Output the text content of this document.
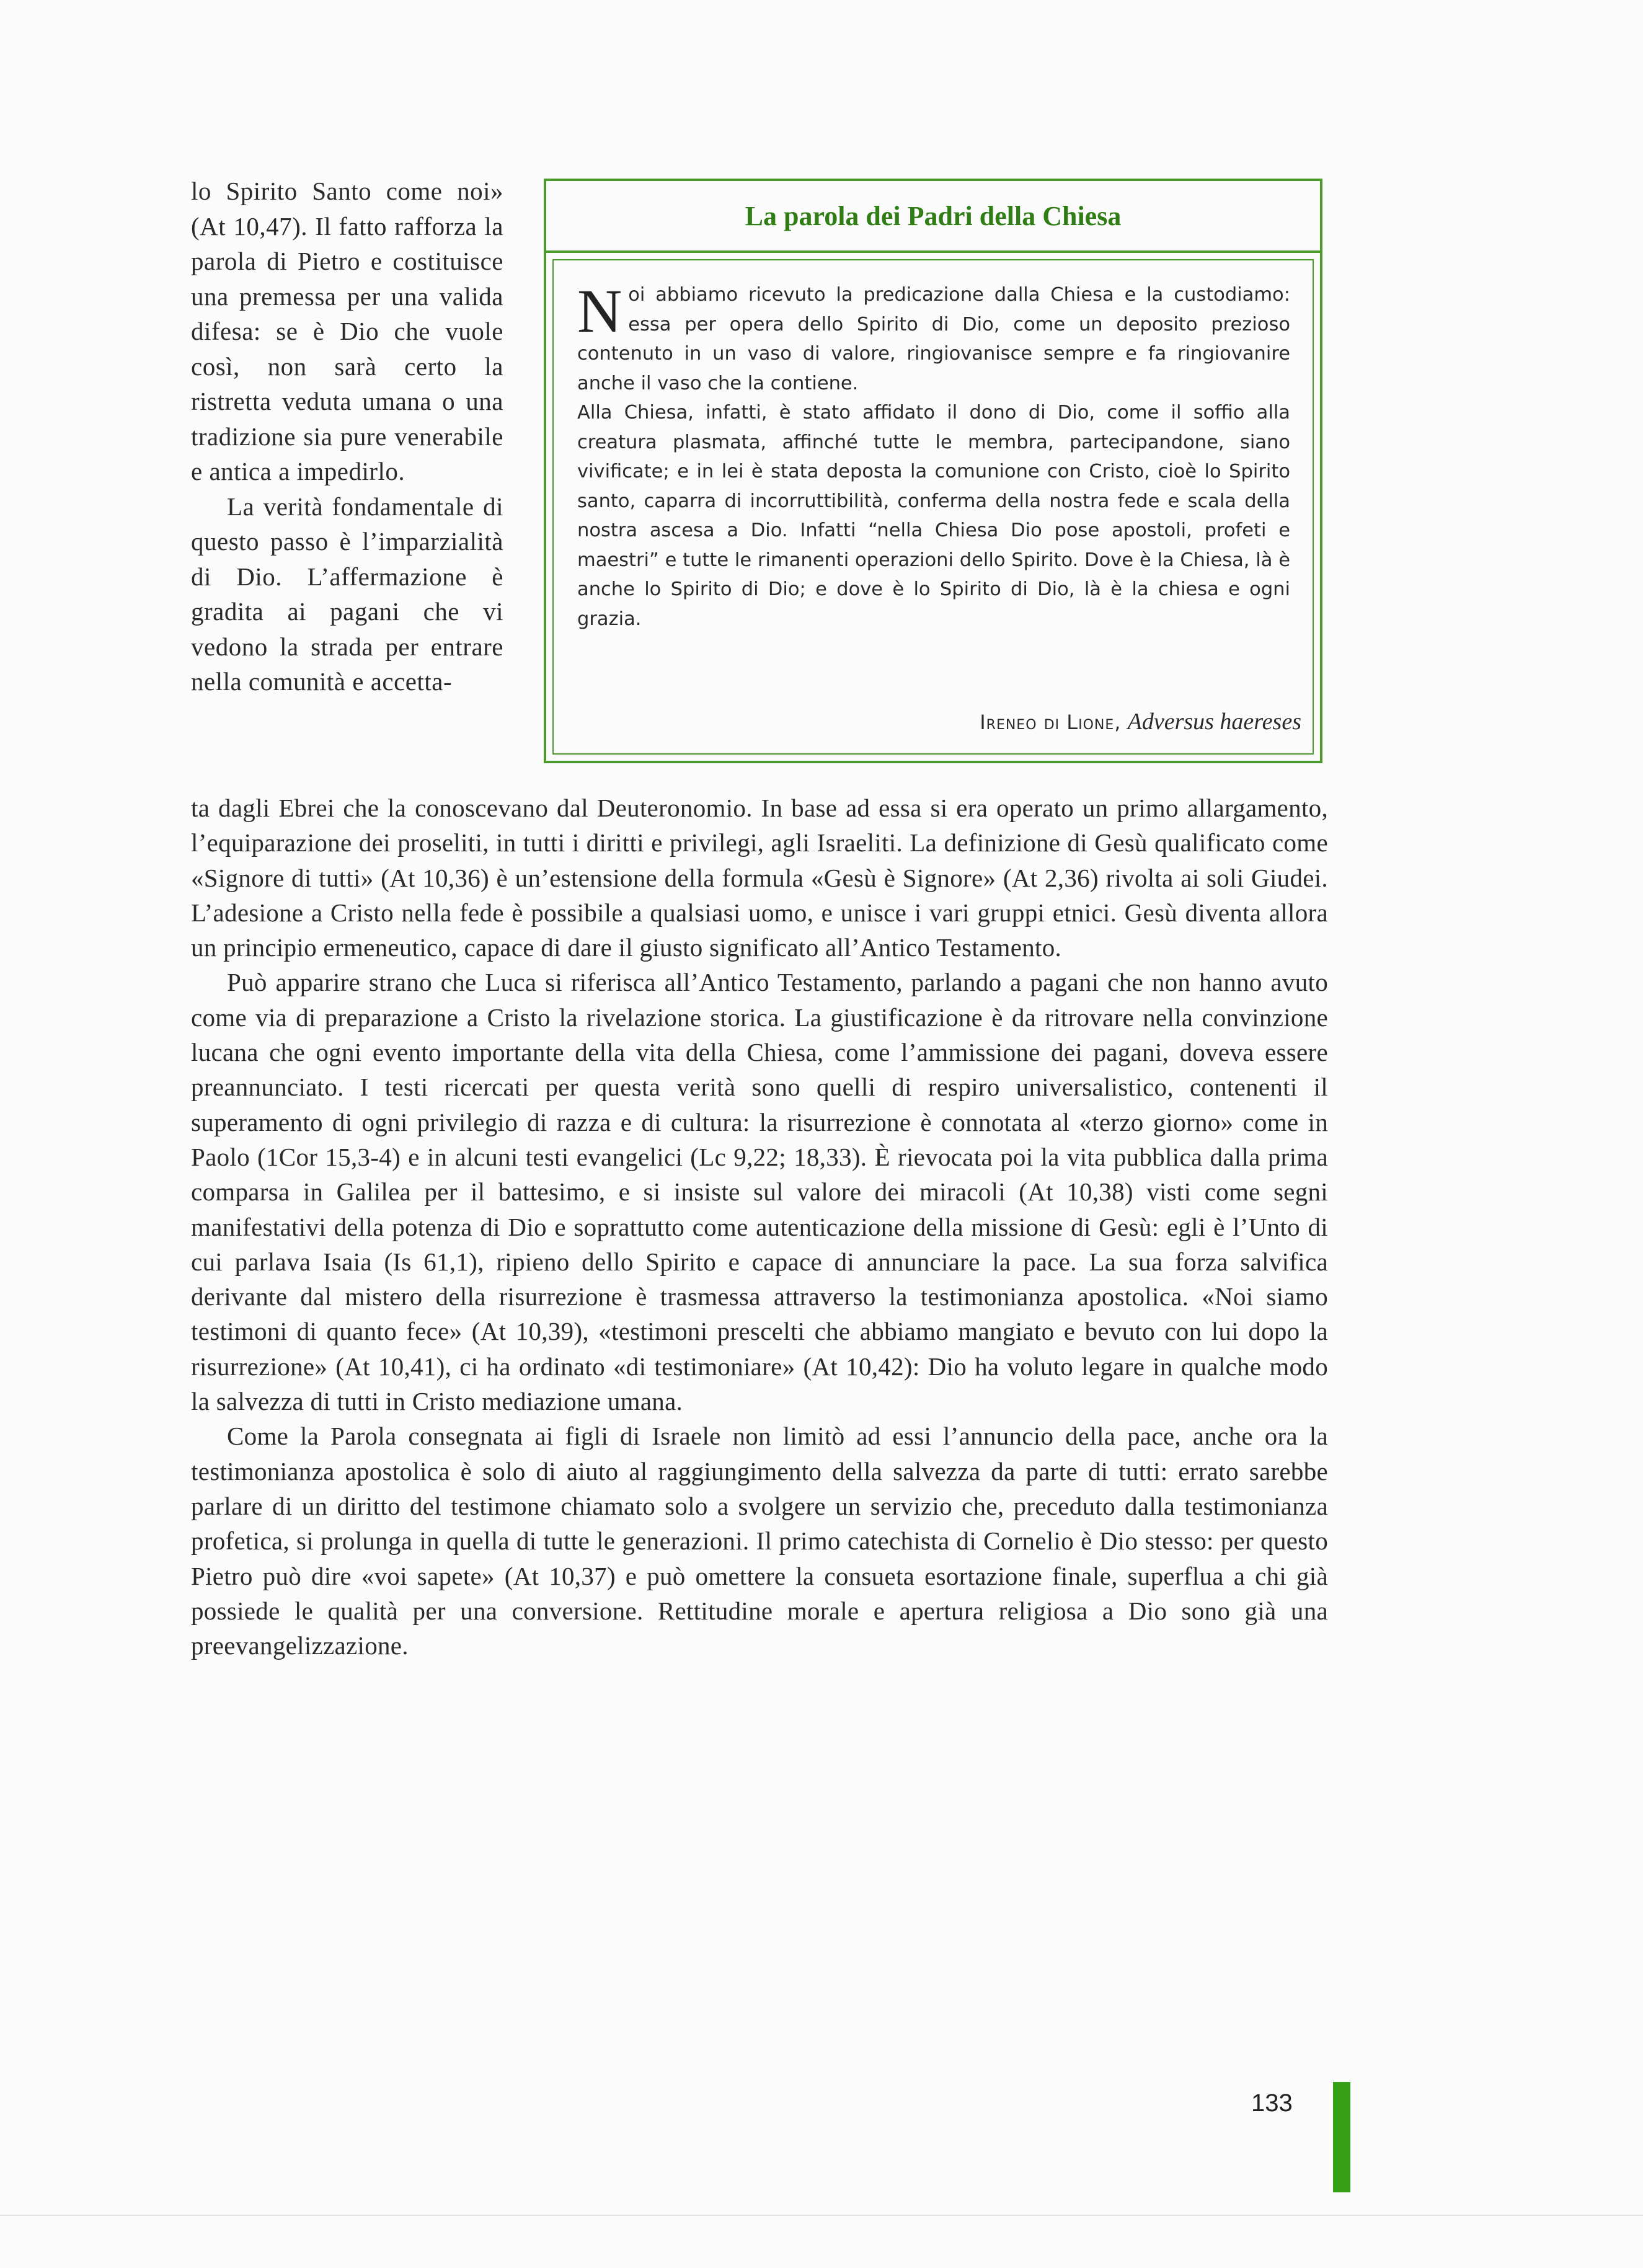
lo Spirito Santo come noi» (At 10,47). Il fatto rafforza la parola di Pietro e costituisce una premessa per una valida difesa: se è Dio che vuole così, non sarà certo la ristretta veduta umana o una tradizione sia pure venerabile e antica a impedirlo.

La verità fondamentale di questo passo è l’imparzialità di Dio. L’affermazione è gradita ai pagani che vi vedono la strada per entrare nella comunità e accetta-

La parola dei Padri della Chiesa

Noi abbiamo ricevuto la predicazione dalla Chiesa e la custodiamo: essa per opera dello Spirito di Dio, come un deposito prezioso contenuto in un vaso di valore, ringiovanisce sempre e fa ringiovanire anche il vaso che la contiene.

Alla Chiesa, infatti, è stato affidato il dono di Dio, come il soffio alla creatura plasmata, affinché tutte le membra, partecipandone, siano vivificate; e in lei è stata deposta la comunione con Cristo, cioè lo Spirito santo, caparra di incorruttibilità, conferma della nostra fede e scala della nostra ascesa a Dio. Infatti “nella Chiesa Dio pose apostoli, profeti e maestri” e tutte le rimanenti operazioni dello Spirito. Dove è la Chiesa, là è anche lo Spirito di Dio; e dove è lo Spirito di Dio, là è la chiesa e ogni grazia.

Ireneo di Lione, Adversus haereses

ta dagli Ebrei che la conoscevano dal Deuteronomio. In base ad essa si era operato un primo allargamento, l’equiparazione dei proseliti, in tutti i diritti e privilegi, agli Israeliti. La definizione di Gesù qualificato come «Signore di tutti» (At 10,36) è un’estensione della formula «Gesù è Signore» (At 2,36) rivolta ai soli Giudei. L’adesione a Cristo nella fede è possibile a qualsiasi uomo, e unisce i vari gruppi etnici. Gesù diventa allora un principio ermeneutico, capace di dare il giusto significato all’Antico Testamento.

Può apparire strano che Luca si riferisca all’Antico Testamento, parlando a pagani che non hanno avuto come via di preparazione a Cristo la rivelazione storica. La giustificazione è da ritrovare nella convinzione lucana che ogni evento importante della vita della Chiesa, come l’ammissione dei pagani, doveva essere preannunciato. I testi ricercati per questa verità sono quelli di respiro universalistico, contenenti il superamento di ogni privilegio di razza e di cultura: la risurrezione è connotata al «terzo giorno» come in Paolo (1Cor 15,3-4) e in alcuni testi evangelici (Lc 9,22; 18,33). È rievocata poi la vita pubblica dalla prima comparsa in Galilea per il battesimo, e si insiste sul valore dei miracoli (At 10,38) visti come segni manifestativi della potenza di Dio e soprattutto come autenticazione della missione di Gesù: egli è l’Unto di cui parlava Isaia (Is 61,1), ripieno dello Spirito e capace di annunciare la pace. La sua forza salvifica derivante dal mistero della risurrezione è trasmessa attraverso la testimonianza apostolica. «Noi siamo testimoni di quanto fece» (At 10,39), «testimoni prescelti che abbiamo mangiato e bevuto con lui dopo la risurrezione» (At 10,41), ci ha ordinato «di testimoniare» (At 10,42): Dio ha voluto legare in qualche modo la salvezza di tutti in Cristo mediazione umana.

Come la Parola consegnata ai figli di Israele non limitò ad essi l’annuncio della pace, anche ora la testimonianza apostolica è solo di aiuto al raggiungimento della salvezza da parte di tutti: errato sarebbe parlare di un diritto del testimone chiamato solo a svolgere un servizio che, preceduto dalla testimonianza profetica, si prolunga in quella di tutte le generazioni. Il primo catechista di Cornelio è Dio stesso: per questo Pietro può dire «voi sapete» (At 10,37) e può omettere la consueta esortazione finale, superflua a chi già possiede le qualità per una conversione. Rettitudine morale e apertura religiosa a Dio sono già una preevangelizzazione.

133
